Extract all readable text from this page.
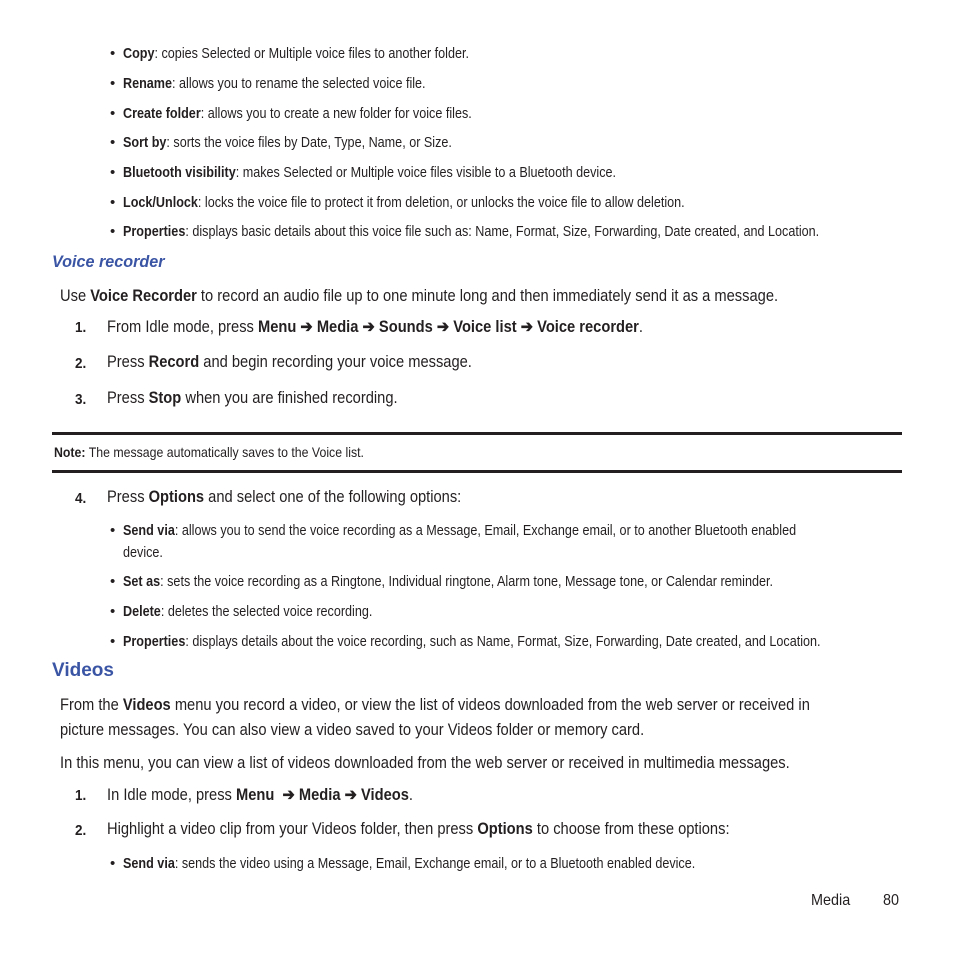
• Copy: copies Selected or Multiple voice files to another folder.
• Rename: allows you to rename the selected voice file.
• Create folder: allows you to create a new folder for voice files.
• Sort by: sorts the voice files by Date, Type, Name, or Size.
• Bluetooth visibility: makes Selected or Multiple voice files visible to a Bluetooth device.
• Lock/Unlock: locks the voice file to protect it from deletion, or unlocks the voice file to allow deletion.
• Properties: displays basic details about this voice file such as: Name, Format, Size, Forwarding, Date created, and Location.
Voice recorder
Use Voice Recorder to record an audio file up to one minute long and then immediately send it as a message.
1. From Idle mode, press Menu ➔ Media ➔ Sounds ➔ Voice list ➔ Voice recorder.
2. Press Record and begin recording your voice message.
3. Press Stop when you are finished recording.
Note: The message automatically saves to the Voice list.
4. Press Options and select one of the following options:
• Send via: allows you to send the voice recording as a Message, Email, Exchange email, or to another Bluetooth enabled
device.
• Set as: sets the voice recording as a Ringtone, Individual ringtone, Alarm tone, Message tone, or Calendar reminder.
• Delete: deletes the selected voice recording.
• Properties: displays details about the voice recording, such as Name, Format, Size, Forwarding, Date created, and Location.
Videos
From the Videos menu you record a video, or view the list of videos downloaded from the web server or received in
picture messages. You can also view a video saved to your Videos folder or memory card.
In this menu, you can view a list of videos downloaded from the web server or received in multimedia messages.
1. In Idle mode, press Menu ➔ Media ➔ Videos.
2. Highlight a video clip from your Videos folder, then press Options to choose from these options:
• Send via: sends the video using a Message, Email, Exchange email, or to a Bluetooth enabled device.
Media 80
